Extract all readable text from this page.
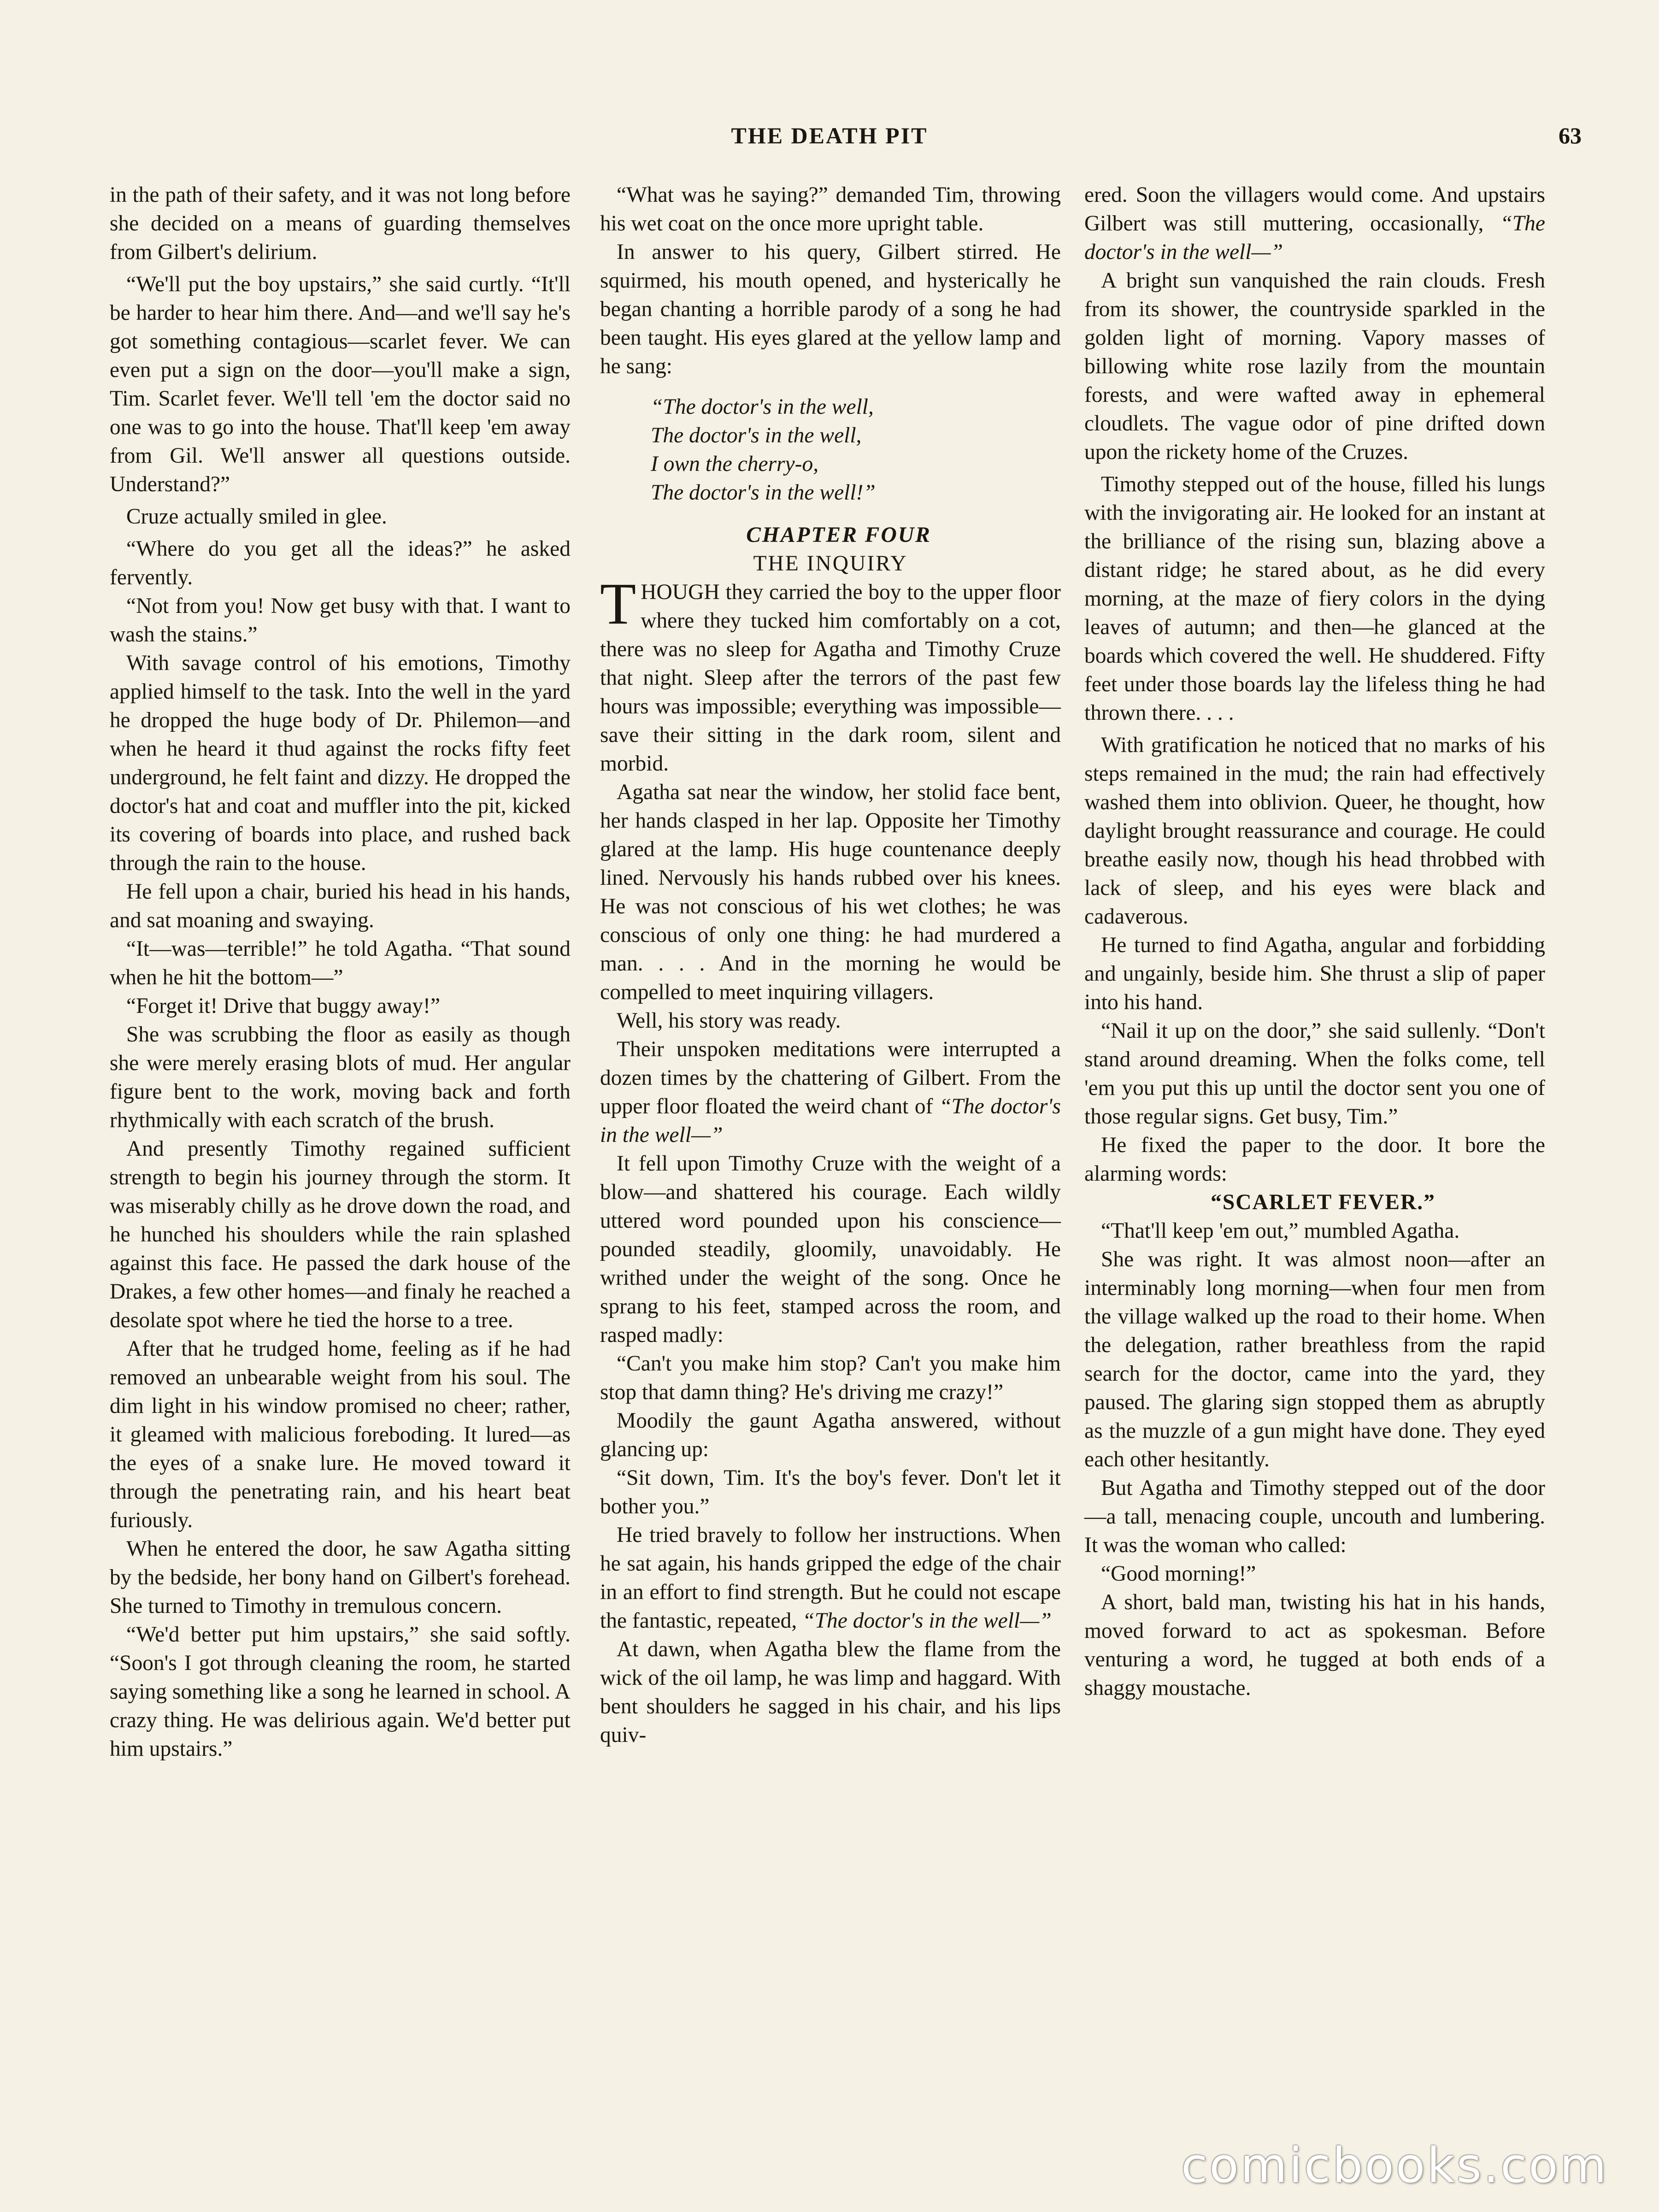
THE DEATH PIT	63

in the path of their safety, and it was not long before she decided on a means of guarding themselves from Gilbert's delirium.

“We'll put the boy upstairs,” she said curtly. “It'll be harder to hear him there. And—and we'll say he's got something contagious—scarlet fever. We can even put a sign on the door—you'll make a sign, Tim. Scarlet fever. We'll tell 'em the doctor said no one was to go into the house. That'll keep 'em away from Gil. We'll answer all questions outside. Understand?”

Cruze actually smiled in glee.

“Where do you get all the ideas?” he asked fervently.

“Not from you! Now get busy with that. I want to wash the stains.”

With savage control of his emotions, Timothy applied himself to the task. Into the well in the yard he dropped the huge body of Dr. Philemon—and when he heard it thud against the rocks fifty feet underground, he felt faint and dizzy. He dropped the doctor's hat and coat and muffler into the pit, kicked its covering of boards into place, and rushed back through the rain to the house.

He fell upon a chair, buried his head in his hands, and sat moaning and swaying.

“It—was—terrible!” he told Agatha. “That sound when he hit the bottom—”

“Forget it! Drive that buggy away!”

She was scrubbing the floor as easily as though she were merely erasing blots of mud. Her angular figure bent to the work, moving back and forth rhythmically with each scratch of the brush.

And presently Timothy regained sufficient strength to begin his journey through the storm. It was miserably chilly as he drove down the road, and he hunched his shoulders while the rain splashed against this face. He passed the dark house of the Drakes, a few other homes—and finaly he reached a desolate spot where he tied the horse to a tree.

After that he trudged home, feeling as if he had removed an unbearable weight from his soul. The dim light in his window promised no cheer; rather, it gleamed with malicious foreboding. It lured—as the eyes of a snake lure. He moved toward it through the penetrating rain, and his heart beat furiously.

When he entered the door, he saw Agatha sitting by the bedside, her bony hand on Gilbert's forehead. She turned to Timothy in tremulous concern.

“We'd better put him upstairs,” she said softly. “Soon's I got through cleaning the room, he started saying something like a song he learned in school. A crazy thing. He was delirious again. We'd better put him upstairs.”

“What was he saying?” demanded Tim, throwing his wet coat on the once more upright table.

In answer to his query, Gilbert stirred. He squirmed, his mouth opened, and hysterically he began chanting a horrible parody of a song he had been taught. His eyes glared at the yellow lamp and he sang:

“The doctor's in the well,
The doctor's in the well,
I own the cherry-o,
The doctor's in the well!”

CHAPTER FOUR

THE INQUIRY

THOUGH they carried the boy to the upper floor where they tucked him comfortably on a cot, there was no sleep for Agatha and Timothy Cruze that night. Sleep after the terrors of the past few hours was impossible; everything was impossible—save their sitting in the dark room, silent and morbid.

Agatha sat near the window, her stolid face bent, her hands clasped in her lap. Opposite her Timothy glared at the lamp. His huge countenance deeply lined. Nervously his hands rubbed over his knees. He was not conscious of his wet clothes; he was conscious of only one thing: he had murdered a man. . . . And in the morning he would be compelled to meet inquiring villagers.

Well, his story was ready.

Their unspoken meditations were interrupted a dozen times by the chattering of Gilbert. From the upper floor floated the weird chant of “The doctor's in the well—”

It fell upon Timothy Cruze with the weight of a blow—and shattered his courage. Each wildly uttered word pounded upon his conscience—pounded steadily, gloomily, unavoidably. He writhed under the weight of the song. Once he sprang to his feet, stamped across the room, and rasped madly:

“Can't you make him stop? Can't you make him stop that damn thing? He's driving me crazy!”

Moodily the gaunt Agatha answered, without glancing up:

“Sit down, Tim. It's the boy's fever. Don't let it bother you.”

He tried bravely to follow her instructions. When he sat again, his hands gripped the edge of the chair in an effort to find strength. But he could not escape the fantastic, repeated, “The doctor's in the well—”

At dawn, when Agatha blew the flame from the wick of the oil lamp, he was limp and haggard. With bent shoulders he sagged in his chair, and his lips quiv-

ered. Soon the villagers would come. And upstairs Gilbert was still muttering, occasionally, “The doctor's in the well—”

A bright sun vanquished the rain clouds. Fresh from its shower, the countryside sparkled in the golden light of morning. Vapory masses of billowing white rose lazily from the mountain forests, and were wafted away in ephemeral cloudlets. The vague odor of pine drifted down upon the rickety home of the Cruzes.

Timothy stepped out of the house, filled his lungs with the invigorating air. He looked for an instant at the brilliance of the rising sun, blazing above a distant ridge; he stared about, as he did every morning, at the maze of fiery colors in the dying leaves of autumn; and then—he glanced at the boards which covered the well. He shuddered. Fifty feet under those boards lay the lifeless thing he had thrown there. . . .

With gratification he noticed that no marks of his steps remained in the mud; the rain had effectively washed them into oblivion. Queer, he thought, how daylight brought reassurance and courage. He could breathe easily now, though his head throbbed with lack of sleep, and his eyes were black and cadaverous.

He turned to find Agatha, angular and forbidding and ungainly, beside him. She thrust a slip of paper into his hand.

“Nail it up on the door,” she said sullenly. “Don't stand around dreaming. When the folks come, tell 'em you put this up until the doctor sent you one of those regular signs. Get busy, Tim.”

He fixed the paper to the door. It bore the alarming words:

“SCARLET FEVER.”

“That'll keep 'em out,” mumbled Agatha.

She was right. It was almost noon—after an interminably long morning—when four men from the village walked up the road to their home. When the delegation, rather breathless from the rapid search for the doctor, came into the yard, they paused. The glaring sign stopped them as abruptly as the muzzle of a gun might have done. They eyed each other hesitantly.

But Agatha and Timothy stepped out of the door—a tall, menacing couple, uncouth and lumbering. It was the woman who called:

“Good morning!”

A short, bald man, twisting his hat in his hands, moved forward to act as spokesman. Before venturing a word, he tugged at both ends of a shaggy moustache.

comicbooks.com
